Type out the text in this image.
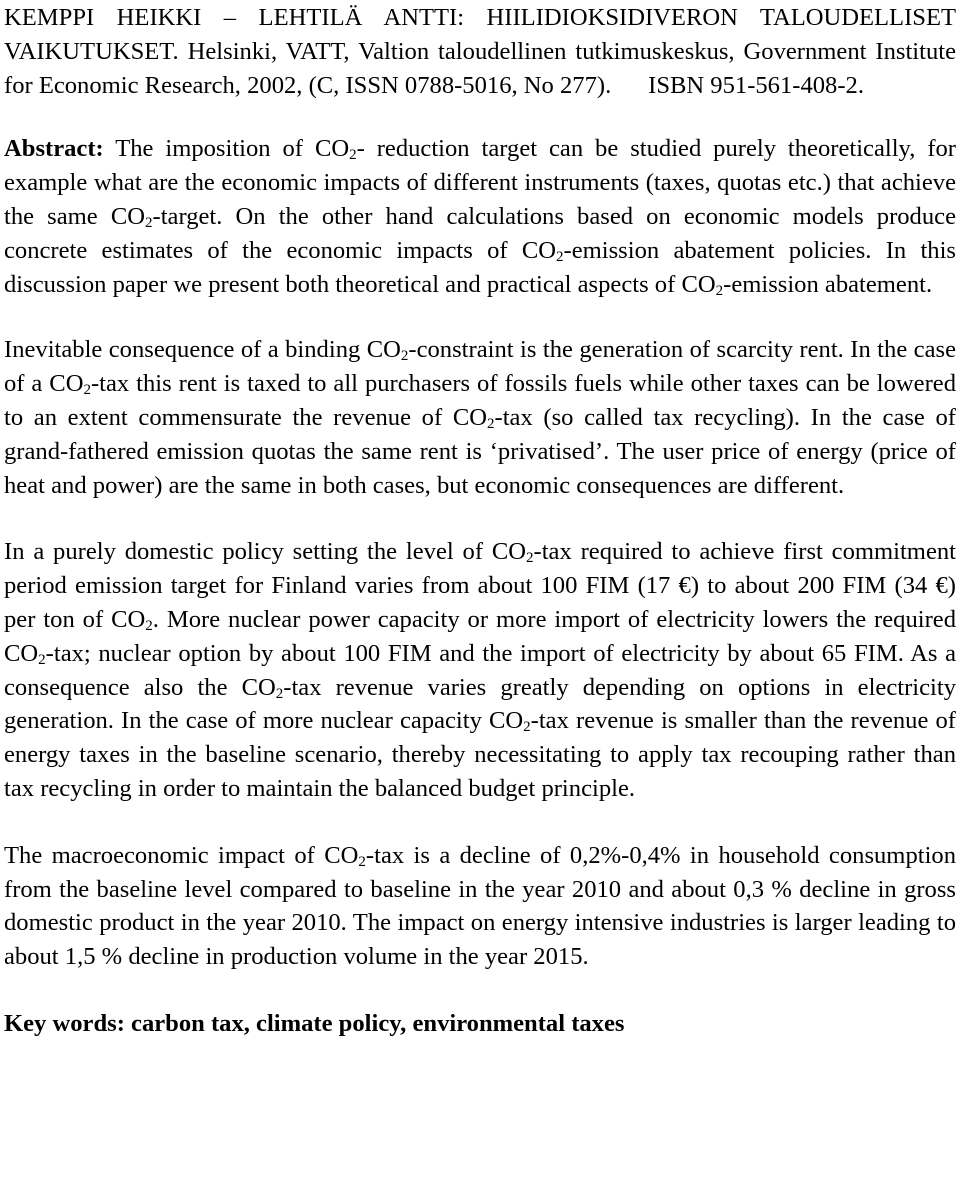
KEMPPI HEIKKI – LEHTILÄ ANTTI: HIILIDIOKSIDIVERON TALOUDELLISET VAIKUTUKSET. Helsinki, VATT, Valtion taloudellinen tutkimuskeskus, Government Institute for Economic Research, 2002, (C, ISSN 0788-5016, No 277). ISBN 951-561-408-2.

Abstract: The imposition of $CO_2-$ reduction target can be studied purely theoretically, for example what are the economic impacts of different instruments (taxes, quotas etc.) that achieve the same $CO_2$-target. On the other hand calculations based on economic models produce concrete estimates of the economic impacts of $CO_2$-emission abatement policies. In this discussion paper we present both theoretical and practical aspects of $CO_2$-emission abatement.

Inevitable consequence of a binding $CO_2$-constraint is the generation of scarcity rent. In the case of a $CO_2$-tax this rent is taxed to all purchasers of fossils fuels while other taxes can be lowered to an extent commensurate the revenue of $CO_2$-tax (so called tax recycling). In the case of grand-fathered emission quotas the same rent is ‘privatised’. The user price of energy (price of heat and power) are the same in both cases, but economic consequences are different.

In a purely domestic policy setting the level of $CO_2$-tax required to achieve first commitment period emission target for Finland varies from about 100 FIM (17 €) to about 200 FIM (34 €) per ton of $CO_2$. More nuclear power capacity or more import of electricity lowers the required $CO_2$-tax; nuclear option by about 100 FIM and the import of electricity by about 65 FIM. As a consequence also the $CO_2$-tax revenue varies greatly depending on options in electricity generation. In the case of more nuclear capacity $CO_2$-tax revenue is smaller than the revenue of energy taxes in the baseline scenario, thereby necessitating to apply tax recouping rather than tax recycling in order to maintain the balanced budget principle.

The macroeconomic impact of $CO_2$-tax is a decline of 0,2%-0,4% in household consumption from the baseline level compared to baseline in the year 2010 and about 0,3 % decline in gross domestic product in the year 2010. The impact on energy intensive industries is larger leading to about 1,5 % decline in production volume in the year 2015.

Key words: carbon tax, climate policy, environmental taxes
